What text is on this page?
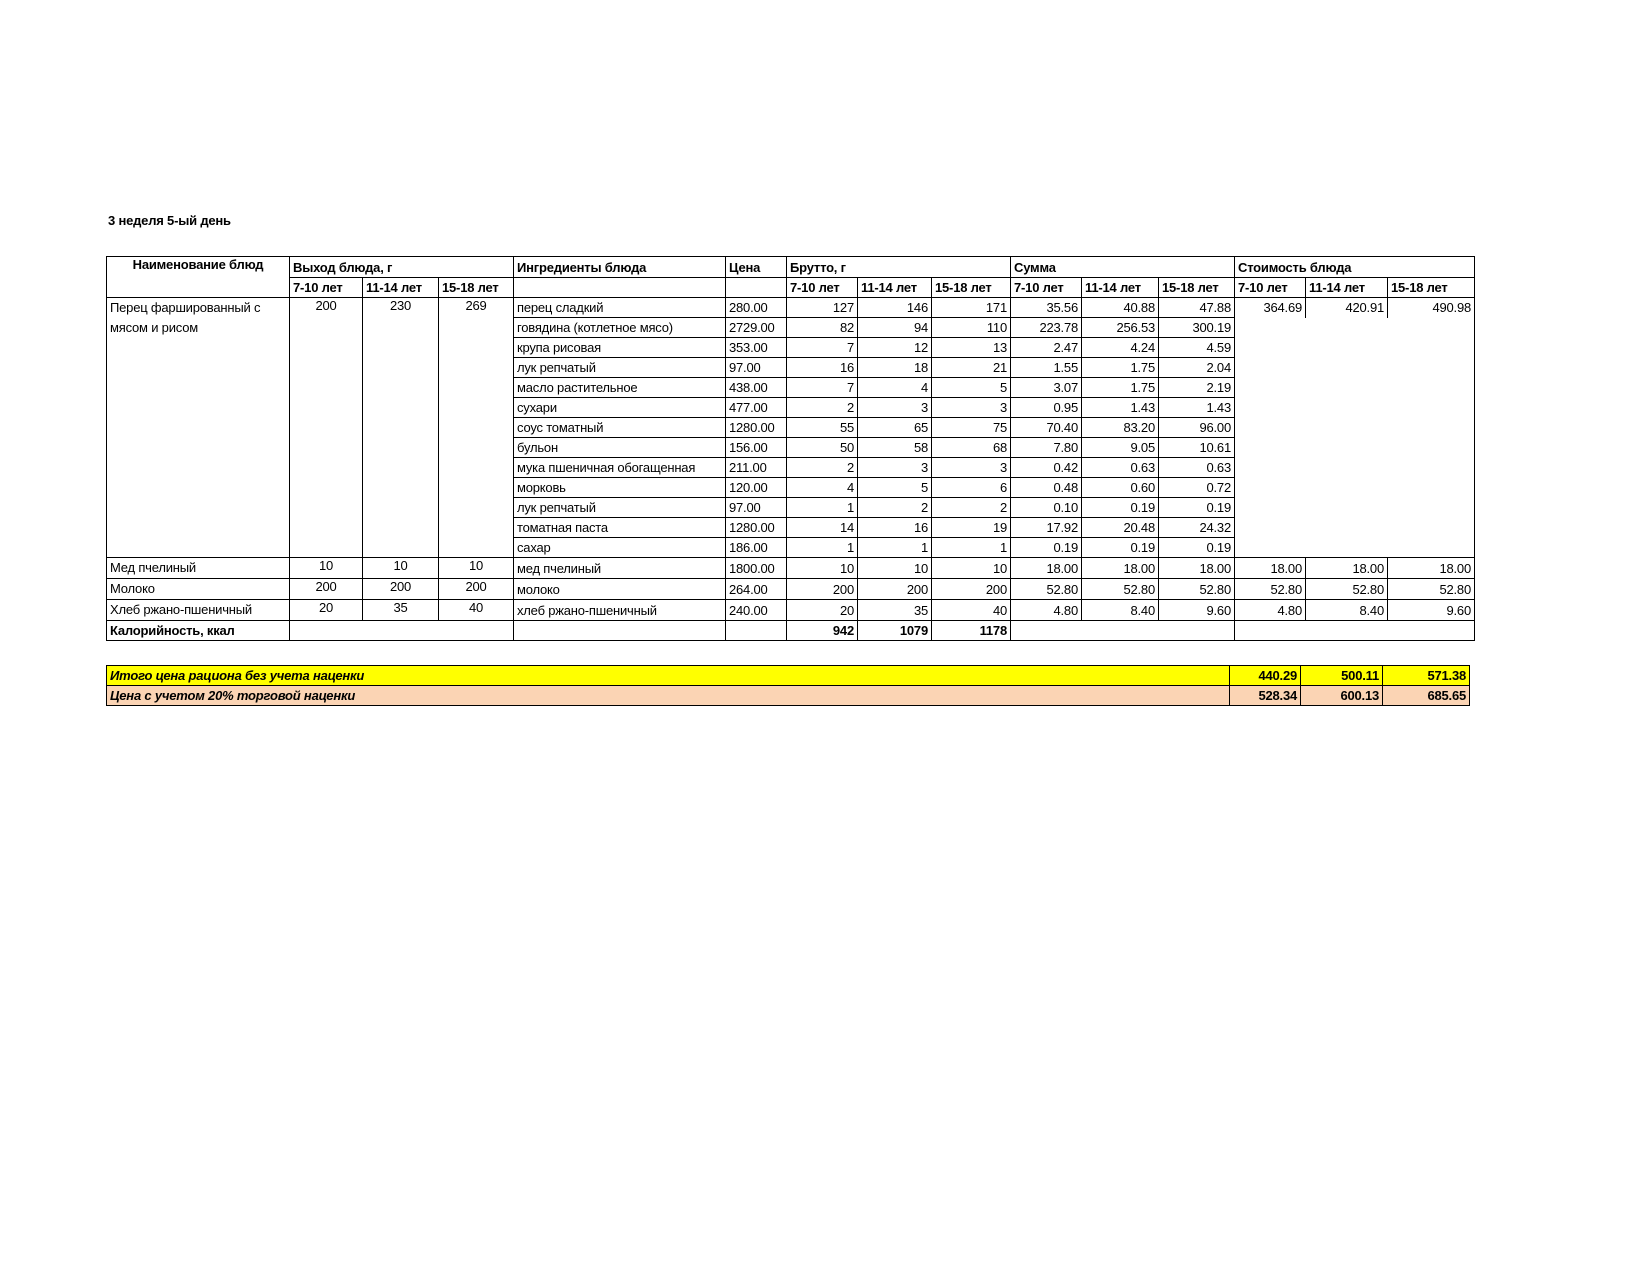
3 неделя 5-ый день
Наименование блюд	Выход блюда, г			Ингредиенты блюда	Цена	Брутто, г			Сумма			Стоимость блюда		
	7-10 лет	11-14 лет	15-18 лет			7-10 лет	11-14 лет	15-18 лет	7-10 лет	11-14 лет	15-18 лет	7-10 лет	11-14 лет	15-18 лет
Перец фаршированный с мясом и рисом	200	230	269	перец сладкий	280.00	127	146	171	35.56	40.88	47.88	364.69	420.91	490.98
				говядина (котлетное мясо)	2729.00	82	94	110	223.78	256.53	300.19			
				крупа рисовая	353.00	7	12	13	2.47	4.24	4.59			
				лук репчатый	97.00	16	18	21	1.55	1.75	2.04			
				масло растительное	438.00	7	4	5	3.07	1.75	2.19			
				сухари	477.00	2	3	3	0.95	1.43	1.43			
				соус томатный	1280.00	55	65	75	70.40	83.20	96.00			
				бульон	156.00	50	58	68	7.80	9.05	10.61			
				мука пшеничная обогащенная	211.00	2	3	3	0.42	0.63	0.63			
				морковь	120.00	4	5	6	0.48	0.60	0.72			
				лук репчатый	97.00	1	2	2	0.10	0.19	0.19			
				томатная паста	1280.00	14	16	19	17.92	20.48	24.32			
				сахар	186.00	1	1	1	0.19	0.19	0.19			
Мед пчелиный	10	10	10	мед пчелиный	1800.00	10	10	10	18.00	18.00	18.00	18.00	18.00	18.00
Молоко	200	200	200	молоко	264.00	200	200	200	52.80	52.80	52.80	52.80	52.80	52.80
Хлеб ржано-пшеничный	20	35	40	хлеб ржано-пшеничный	240.00	20	35	40	4.80	8.40	9.60	4.80	8.40	9.60
Калорийность, ккал						942	1079	1178						
Итого цена рациона без учета наценки	440.29	500.11	571.38
Цена с учетом 20% торговой наценки	528.34	600.13	685.65
